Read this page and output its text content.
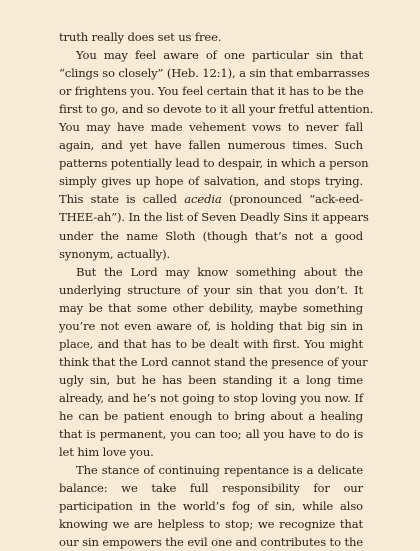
truth really does set us free.
You may feel aware of one particular sin that
“clings so closely” (Heb. 12:1), a sin that embarrasses
or frightens you. You feel certain that it has to be the
first to go, and so devote to it all your fretful attention.
You may have made vehement vows to never fall
again, and yet have fallen numerous times. Such
patterns potentially lead to despair, in which a person
simply gives up hope of salvation, and stops trying.
This state is called acedia (pronounced “ack-eed-
THEE-ah”). In the list of Seven Deadly Sins it appears
under the name Sloth (though that’s not a good
synonym, actually).
But the Lord may know something about the
underlying structure of your sin that you don’t. It
may be that some other debility, maybe something
you’re not even aware of, is holding that big sin in
place, and that has to be dealt with first. You might
think that the Lord cannot stand the presence of your
ugly sin, but he has been standing it a long time
already, and he’s not going to stop loving you now. If
he can be patient enough to bring about a healing
that is permanent, you can too; all you have to do is
let him love you.
The stance of continuing repentance is a delicate
balance: we take full responsibility for our
participation in the world’s fog of sin, while also
knowing we are helpless to stop; we recognize that
our sin empowers the evil one and contributes to the
